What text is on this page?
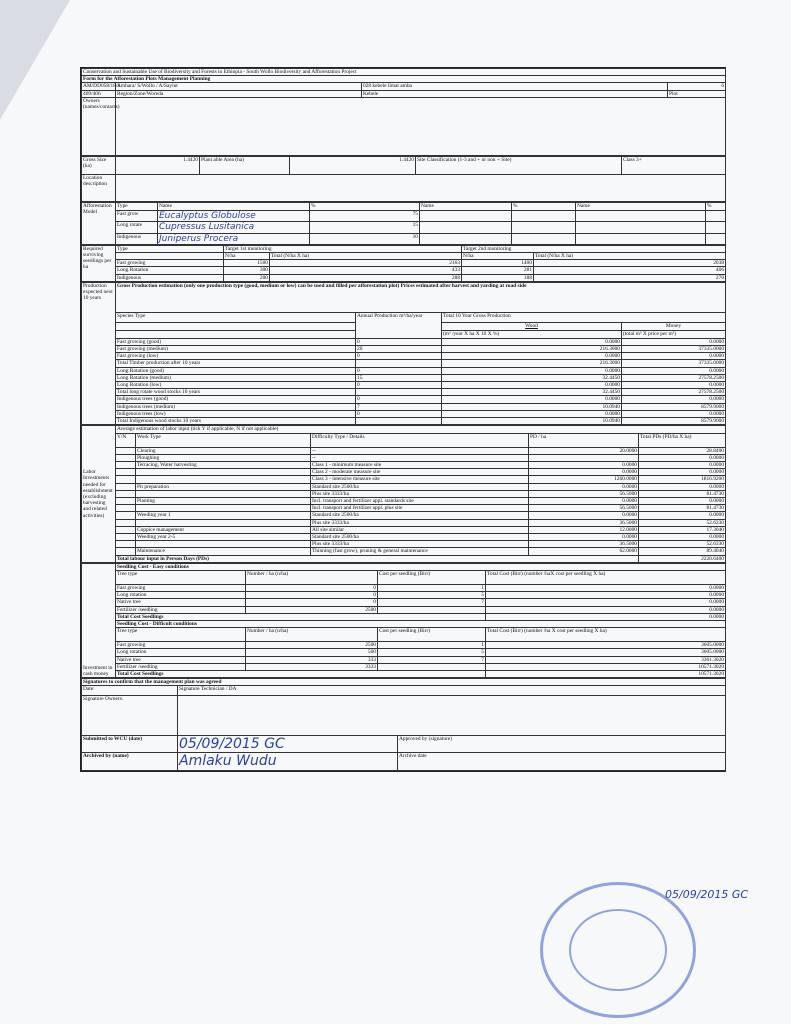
Conservation and Sustainable Use of Biodiversity and Forests in Ethiopia - South Wollo Biodiversity and Afforestation Project			
Form for the Afforestation Plots Management Planning			
AM/DD058/18/1	Amhara/ S/Wollo / A/Sayint	028 kebele limat amba	6
409/406	Region/Zone/Woreda	Kebele	Plot
Owners (names/contacts)			
Gross Size (ha)	1.4420	Plant able Area (ha)	1.4420	Site Classification (1-3 and + or non + Site)	Class 3+
Location description					
Afforestation Model	Type	Name	%	Name	%	Name	%
	Fast grow	Eucalyptus Globulose	75				
	Long rotate	Cupressus Lusitanica	15				
	Indigenous	Juniperus Procera	10				
Required surviving seedlings per ha	Type	Target 1st monitoring		Target 2nd monitoring	
		N/ha	Total (N/ha X ha)	N/ha	Total (N/ha X ha)
	Fast growing	1500	2163	1400	2038
	Long Rotation	300	433	281	406
	Indigenous	200	288	188	270
Production expected next 10 years	Gross Production estimation (only one production type (good, medium or low) can be used and filled per afforestation plot) Prices estimated after harvest and yarding at road side			
	Species Type	Annual Production m³/ha/year	Total 10 Year Gross Production	
			Wood	Money
			(m³ /year X ha X 10 X %)	(total m³ X price per m³)
	Fast growing (good)	0	0.0000	0.0000
	Fast growing (medium)	20	216.3000	37335.0000
	Fast growing (low)	0	0.0000	0.0000
	Total Timber production after 10 years		216.3000	37335.0000
	Long Rotation (good)	0	0.0000	0.0000
	Long Rotation (medium)	15	32.4450	27578.2500
	Long Rotation (low)	0	0.0000	0.0000
	Total long rotate wood stocks 10 years		32.4450	27578.2500
	Indigenous trees (good)	0	0.0000	0.0000
	Indigenous trees (medium)	7	10.0940	8579.9000
	Indigenous trees (low)	0	0.0000	0.0000
	Total Indigenous wood stocks 10 years		10.0940	8579.9000
Labor Investments needed for establishment (excluding harvesting and related activities)	Average estimation of labor input (tick Y if applicable, N if not applicable)				
	Y/N	Work Type	Difficulty Type / Details	PD / ha	Total PDs (PD/ha X ha)
		Clearing	--	20.0000	28.8400
		Ploughing	--		0.0000
		Terracing, Water harvesting	Class 1 - minimum measure site	0.0000	0.0000
			Class 2 - moderate measure site	0.0000	0.0000
			Class 3 - intensive measure site	1260.0000	1816.9200
		Pit preparation	Standard site 2500/ha	0.0000	0.0000
			Plus site 3333/ha	56.5000	81.4730
		Planting	Incl. transport and fertilizer appl. standards site	0.0000	0.0000
			Incl. transport and fertilizer appl. plus site	56.5000	81.4730
		Weeding year 1	Standard site 2500/ha	0.0000	0.0000
			Plus site 3333/ha	36.5000	52.6330
		Coppice management	All site similar	12.0000	17.3040
		Weeding year 2-5	Standard site 2500/ha	0.0000	0.0000
			Plus site 3333/ha	36.5000	52.6330
		Maintenance	Thinning (fast grow), pruning & general maintenance	62.0000	89.4040
	Total labour input in Person Days (PDs)				2220.6400
Investment in cash money	Seedling Cost - Easy conditions			
	Tree type	Number / ha (n/ha)	Cost per seedling (Birr)	Total Cost (Birr) (number /haX cost per seedling X ha)
	Fast growing	0	1	0.0000
	Long rotation	0	5	0.0000
	Native tree	0	7	0.0000
	Fertilizer /seedling	2500		0.0000
	Total Cost Seedlings			0.0000
	Seedling Cost - Difficult conditions			
	Tree type	Number / ha (n/ha)	Cost per seedling (Birr)	Total Cost (Birr) (number /ha X cost per seedling X ha)
	Fast growing	2500	1	3605.0000
	Long rotation	500	5	3605.0000
	Native tree	333	7	3361.3020
	Fertilizer /seedling	3333		10571.3020
	Total Cost Seedlings			10571.3020
Signatures to confirm that the management plan was agreed		
Date:	Signature Technician / DA	
Signature Owners:		
Submitted to WCU (date)	05/09/2015 GC	Approved by (signature)
Archived by (name)	Amlaku Wudu	Archive date
05/09/2015 GC
